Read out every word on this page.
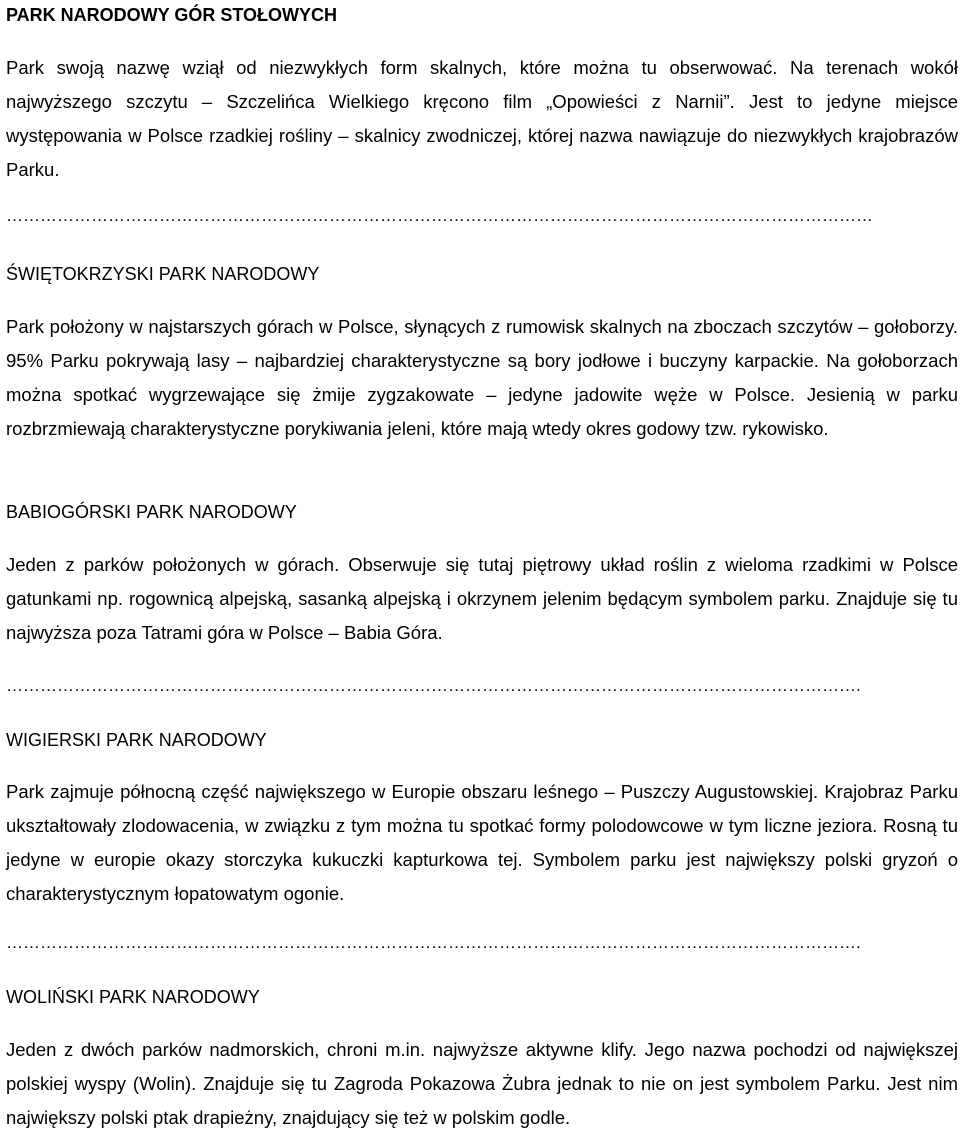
PARK NARODOWY GÓR STOŁOWYCH
Park swoją nazwę wziął od niezwykłych form skalnych, które można tu obserwować. Na terenach wokół najwyższego szczytu – Szczelińca Wielkiego kręcono film „Opowieści z Narnii”. Jest to jedyne miejsce występowania w Polsce rzadkiej rośliny – skalnicy zwodniczej, której nazwa nawiązuje do niezwykłych krajobrazów Parku.
………………………………………………………………………………………………………………………………………
ŚWIĘTOKRZYSKI PARK NARODOWY
Park położony w najstarszych górach w Polsce, słynących z rumowisk skalnych na zboczach szczytów – gołoborzy. 95% Parku pokrywają lasy – najbardziej charakterystyczne są bory jodłowe i buczyny karpackie. Na gołoborzach można spotkać wygrzewające się żmije zygzakowate – jedyne jadowite węże w Polsce. Jesienią w parku rozbrzmiewają charakterystyczne porykiwania jeleni, które mają wtedy okres godowy tzw. rykowisko.
BABIOGÓRSKI PARK NARODOWY
Jeden z parków położonych w górach. Obserwuje się tutaj piętrowy układ roślin z wieloma rzadkimi w Polsce gatunkami np. rogownicą alpejską, sasanką alpejską i okrzynem jelenim będącym symbolem parku. Znajduje się tu najwyższa poza Tatrami góra w Polsce – Babia Góra.
…………………………………………………………………………………………………………………………………….
WIGIERSKI PARK NARODOWY
Park zajmuje północną część największego w Europie obszaru leśnego – Puszczy Augustowskiej. Krajobraz Parku ukształtowały zlodowacenia, w związku z tym można tu spotkać formy polodowcowe w tym liczne jeziora. Rosną tu jedyne w europie okazy storczyka kukuczki kapturkowa tej. Symbolem parku jest największy polski gryzoń o charakterystycznym łopatowatym ogonie.
…………………………………………………………………………………………………………………………………….
WOLIŃSKI PARK NARODOWY
Jeden z dwóch parków nadmorskich, chroni m.in. najwyższe aktywne klify. Jego nazwa pochodzi od największej polskiej wyspy (Wolin). Znajduje się tu Zagroda Pokazowa Żubra jednak to nie on jest symbolem Parku. Jest nim największy polski ptak drapieżny, znajdujący się też w polskim godle.
